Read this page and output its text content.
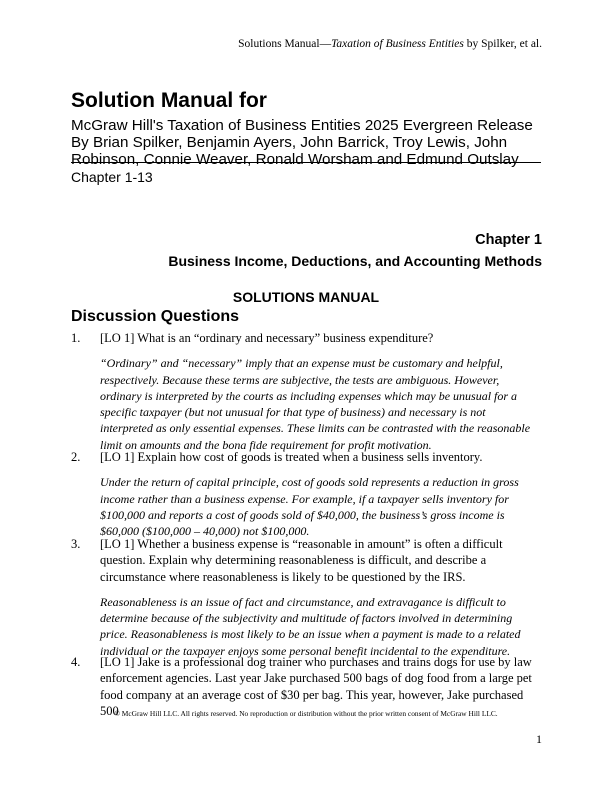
Solutions Manual—Taxation of Business Entities by Spilker, et al.
Solution Manual for

McGraw Hill's Taxation of Business Entities 2025 Evergreen Release By Brian Spilker, Benjamin Ayers, John Barrick, Troy Lewis, John Robinson, Connie Weaver, Ronald Worsham and Edmund Outslay

Chapter 1-13
Chapter 1
Business Income, Deductions, and Accounting Methods
SOLUTIONS MANUAL
Discussion Questions
1. [LO 1] What is an “ordinary and necessary” business expenditure?
“Ordinary” and “necessary” imply that an expense must be customary and helpful, respectively. Because these terms are subjective, the tests are ambiguous. However, ordinary is interpreted by the courts as including expenses which may be unusual for a specific taxpayer (but not unusual for that type of business) and necessary is not interpreted as only essential expenses. These limits can be contrasted with the reasonable limit on amounts and the bona fide requirement for profit motivation.
2. [LO 1] Explain how cost of goods is treated when a business sells inventory.
Under the return of capital principle, cost of goods sold represents a reduction in gross income rather than a business expense. For example, if a taxpayer sells inventory for $100,000 and reports a cost of goods sold of $40,000, the business’s gross income is $60,000 ($100,000 – 40,000) not $100,000.
3. [LO 1] Whether a business expense is “reasonable in amount” is often a difficult question. Explain why determining reasonableness is difficult, and describe a circumstance where reasonableness is likely to be questioned by the IRS.
Reasonableness is an issue of fact and circumstance, and extravagance is difficult to determine because of the subjectivity and multitude of factors involved in determining price. Reasonableness is most likely to be an issue when a payment is made to a related individual or the taxpayer enjoys some personal benefit incidental to the expenditure.
4. [LO 1] Jake is a professional dog trainer who purchases and trains dogs for use by law enforcement agencies. Last year Jake purchased 500 bags of dog food from a large pet food company at an average cost of $30 per bag. This year, however, Jake purchased 500
© McGraw Hill LLC. All rights reserved. No reproduction or distribution without the prior written consent of McGraw Hill LLC.
1
